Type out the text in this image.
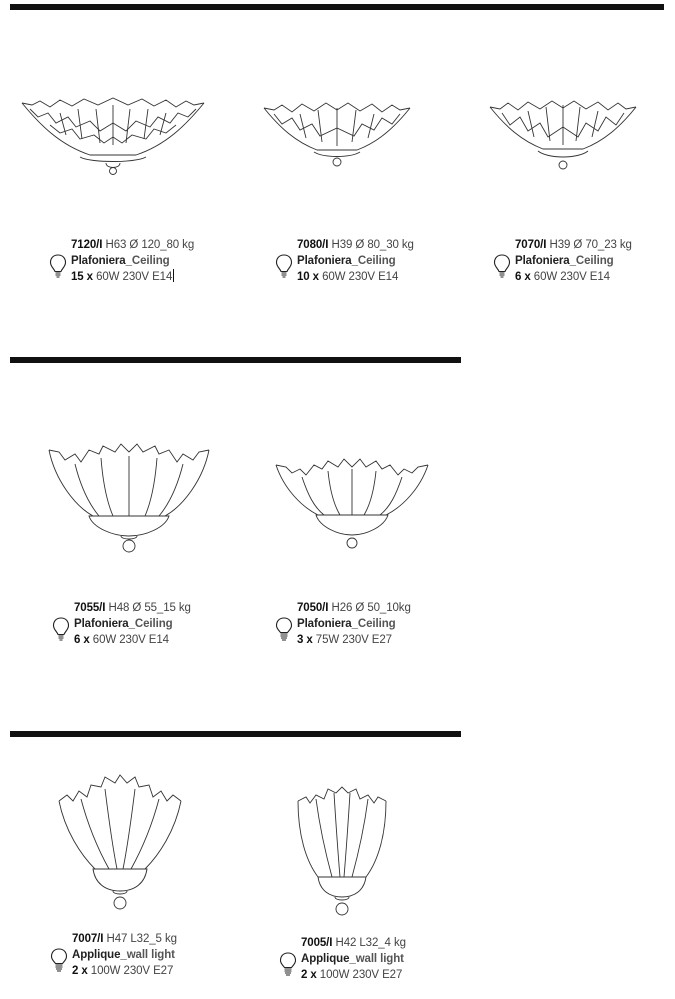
7120/I H63 Ø 120_80 kg
Plafoniera_Ceiling
15 x 60W 230V E14
7080/I H39 Ø 80_30 kg
Plafoniera_Ceiling
10 x 60W 230V E14
7070/I H39 Ø 70_23 kg
Plafoniera_Ceiling
6 x 60W 230V E14
7055/I H48 Ø 55_15 kg
Plafoniera_Ceiling
6 x 60W 230V E14
7050/I H26 Ø 50_10kg
Plafoniera_Ceiling
3 x 75W 230V E27
7007/I H47 L32_5 kg
Applique_wall light
2 x 100W 230V E27
7005/I H42 L32_4 kg
Applique_wall light
2 x 100W 230V E27
